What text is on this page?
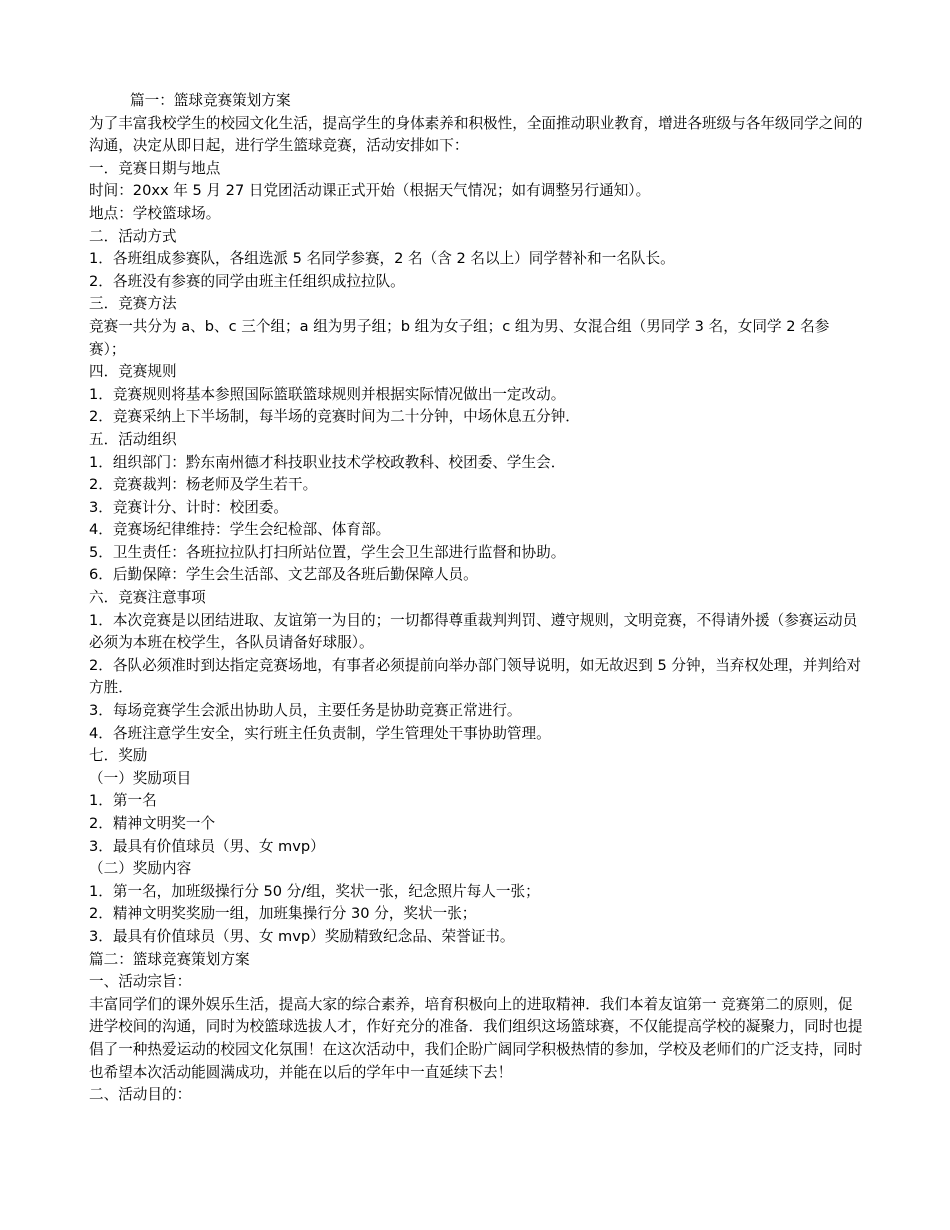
篇一：篮球竞赛策划方案
为了丰富我校学生的校园文化生活，提高学生的身体素养和积极性，全面推动职业教育，增进各班级与各年级同学之间的沟通，决定从即日起，进行学生篮球竞赛，活动安排如下：
一．竞赛日期与地点
时间：20xx 年 5 月 27 日党团活动课正式开始（根据天气情况；如有调整另行通知）。
地点：学校篮球场。
二．活动方式
1．各班组成参赛队，各组选派 5 名同学参赛，2 名（含 2 名以上）同学替补和一名队长。
2．各班没有参赛的同学由班主任组织成拉拉队。
三．竞赛方法
竞赛一共分为 a、b、c 三个组；a 组为男子组；b 组为女子组；c 组为男、女混合组（男同学 3 名，女同学 2 名参赛）；
四．竞赛规则
1．竞赛规则将基本参照国际篮联篮球规则并根据实际情况做出一定改动。
2．竞赛采纳上下半场制，每半场的竞赛时间为二十分钟，中场休息五分钟．
五．活动组织
1．组织部门：黔东南州德才科技职业技术学校政教科、校团委、学生会．
2．竞赛裁判：杨老师及学生若干。
3．竞赛计分、计时：校团委。
4．竞赛场纪律维持：学生会纪检部、体育部。
5．卫生责任：各班拉拉队打扫所站位置，学生会卫生部进行监督和协助。
6．后勤保障：学生会生活部、文艺部及各班后勤保障人员。
六．竞赛注意事项
1．本次竞赛是以团结进取、友谊第一为目的；一切都得尊重裁判判罚、遵守规则，文明竞赛，不得请外援（参赛运动员必须为本班在校学生，各队员请备好球服）。
2．各队必须准时到达指定竞赛场地，有事者必须提前向举办部门领导说明，如无故迟到 5 分钟，当弃权处理，并判给对方胜．
3．每场竞赛学生会派出协助人员，主要任务是协助竞赛正常进行。
4．各班注意学生安全，实行班主任负责制，学生管理处干事协助管理。
七．奖励
（一）奖励项目
1．第一名
2．精神文明奖一个
3．最具有价值球员（男、女 mvp）
（二）奖励内容
1．第一名，加班级操行分 50 分/组，奖状一张，纪念照片每人一张；
2．精神文明奖奖励一组，加班集操行分 30 分，奖状一张；
3．最具有价值球员（男、女 mvp）奖励精致纪念品、荣誉证书。
篇二：篮球竞赛策划方案
一、活动宗旨：
丰富同学们的课外娱乐生活，提高大家的综合素养，培育积极向上的进取精神．我们本着友谊第一 竞赛第二的原则，促进学校间的沟通，同时为校篮球选拔人才，作好充分的准备．我们组织这场篮球赛，不仅能提高学校的凝聚力，同时也提倡了一种热爱运动的校园文化氛围！在这次活动中，我们企盼广阔同学积极热情的参加，学校及老师们的广泛支持，同时也希望本次活动能圆满成功，并能在以后的学年中一直延续下去！
二、活动目的：
